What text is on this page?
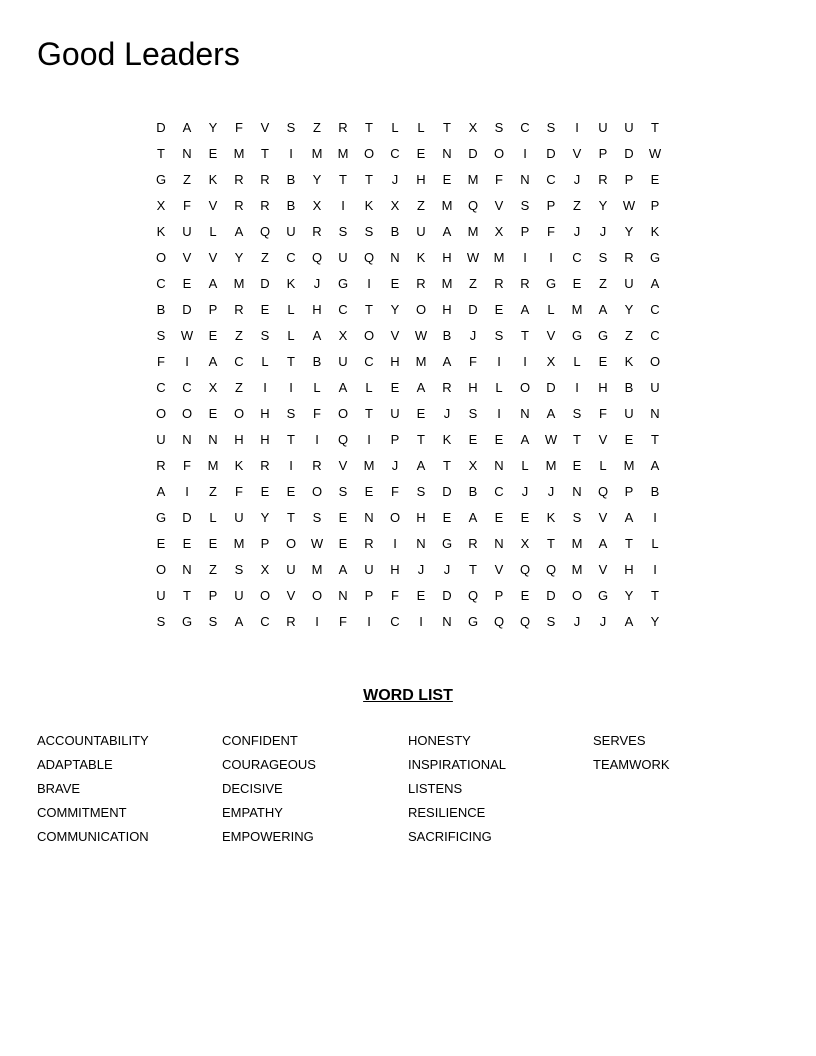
Good Leaders
D	A	Y	F	V	S	Z	R	T	L	L	T	X	S	C	S	I	U	U	T
T	N	E	M	T	I	M	M	O	C	E	N	D	O	I	D	V	P	D	W
G	Z	K	R	R	B	Y	T	T	J	H	E	M	F	N	C	J	R	P	E
X	F	V	R	R	B	X	I	K	X	Z	M	Q	V	S	P	Z	Y	W	P
K	U	L	A	Q	U	R	S	S	B	U	A	M	X	P	F	J	J	Y	K
O	V	V	Y	Z	C	Q	U	Q	N	K	H	W	M	I	I	C	S	R	G
C	E	A	M	D	K	J	G	I	E	R	M	Z	R	R	G	E	Z	U	A
B	D	P	R	E	L	H	C	T	Y	O	H	D	E	A	L	M	A	Y	C
S	W	E	Z	S	L	A	X	O	V	W	B	J	S	T	V	G	G	Z	C
F	I	A	C	L	T	B	U	C	H	M	A	F	I	I	X	L	E	K	O
C	C	X	Z	I	I	L	A	L	E	A	R	H	L	O	D	I	H	B	U
O	O	E	O	H	S	F	O	T	U	E	J	S	I	N	A	S	F	U	N
U	N	N	H	H	T	I	Q	I	P	T	K	E	E	A	W	T	V	E	T
R	F	M	K	R	I	R	V	M	J	A	T	X	N	L	M	E	L	M	A
A	I	Z	F	E	E	O	S	E	F	S	D	B	C	J	J	N	Q	P	B
G	D	L	U	Y	T	S	E	N	O	H	E	A	E	E	K	S	V	A	I
E	E	E	M	P	O	W	E	R	I	N	G	R	N	X	T	M	A	T	L
O	N	Z	S	X	U	M	A	U	H	J	J	T	V	Q	Q	M	V	H	I
U	T	P	U	O	V	O	N	P	F	E	D	Q	P	E	D	O	G	Y	T
S	G	S	A	C	R	I	F	I	C	I	N	G	Q	Q	S	J	J	A	Y
WORD LIST
ACCOUNTABILITY
ADAPTABLE
BRAVE
COMMITMENT
COMMUNICATION
CONFIDENT
COURAGEOUS
DECISIVE
EMPATHY
EMPOWERING
HONESTY
INSPIRATIONAL
LISTENS
RESILIENCE
SACRIFICING
SERVES
TEAMWORK
